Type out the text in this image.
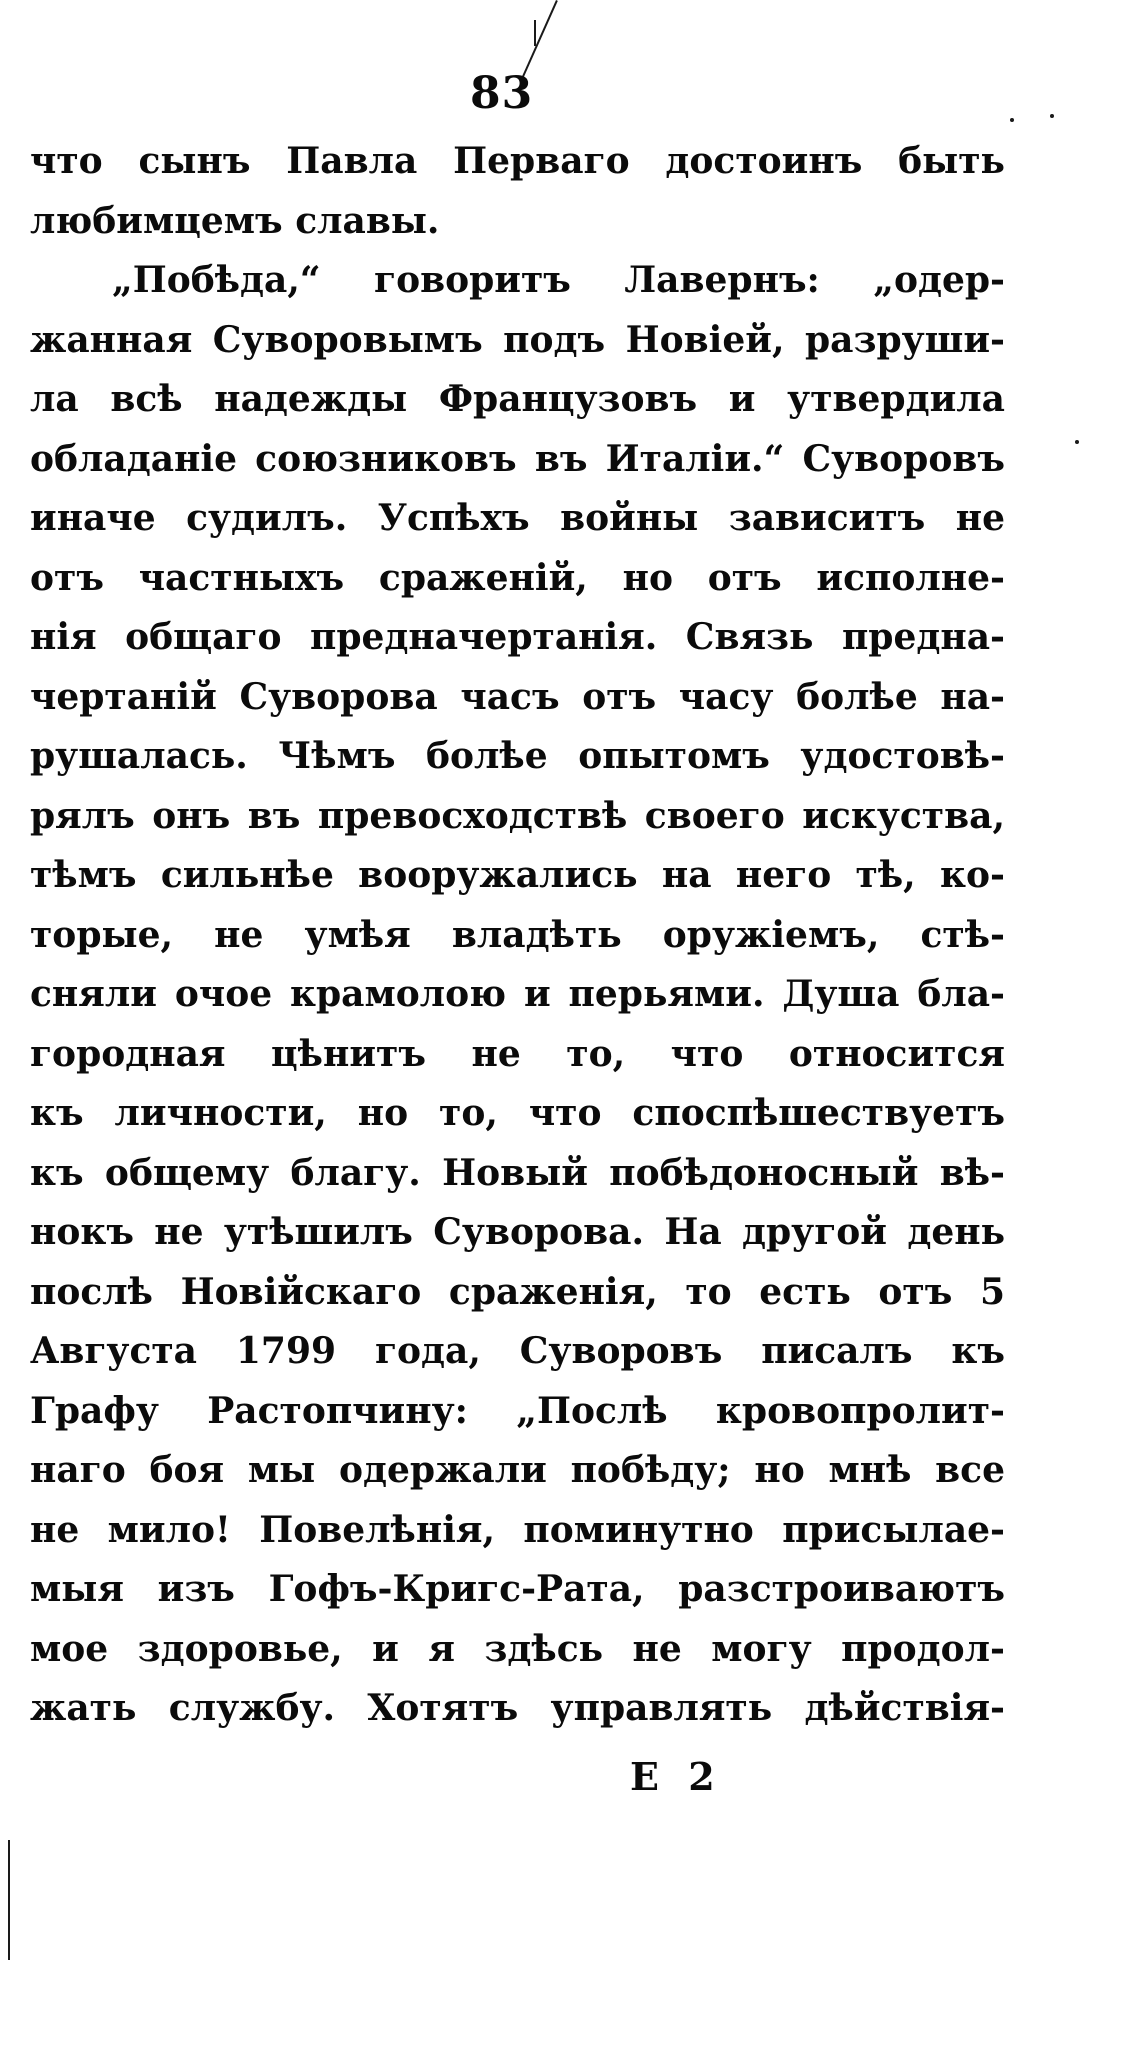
83
что сынъ Павла Перваго достоинъ быть
любимцемъ славы.
„Побѣда,“ говоритъ Лавернъ: „одер-
жанная Суворовымъ подъ Новіей, разруши-
ла всѣ надежды Французовъ и утвердила
обладаніе союзниковъ въ Италіи.“ Суворовъ
иначе судилъ. Успѣхъ войны зависитъ не
отъ частныхъ сраженій, но отъ исполне-
нія общаго предначертанія. Связь предна-
чертаній Суворова часъ отъ часу болѣе на-
рушалась. Чѣмъ болѣе опытомъ удостовѣ-
рялъ онъ въ превосходствѣ своего искуства,
тѣмъ сильнѣе вооружались на него тѣ, ко-
торые, не умѣя владѣть оружіемъ, стѣ-
сняли очое крамолою и перьями. Душа бла-
городная цѣнитъ не то, что относится
къ личности, но то, что споспѣшествуетъ
къ общему благу. Новый побѣдоносный вѣ-
нокъ не утѣшилъ Суворова. На другой день
послѣ Новійскаго сраженія, то есть отъ 5
Августа 1799 года, Суворовъ писалъ къ
Графу Растопчину: „Послѣ кровопролит-
наго боя мы одержали побѣду; но мнѣ все
не мило! Повелѣнія, поминутно присылае-
мыя изъ Гофъ-Кригс-Рата, разстроиваютъ
мое здоровье, и я здѣсь не могу продол-
жать службу. Хотятъ управлять дѣйствія-
E 2
